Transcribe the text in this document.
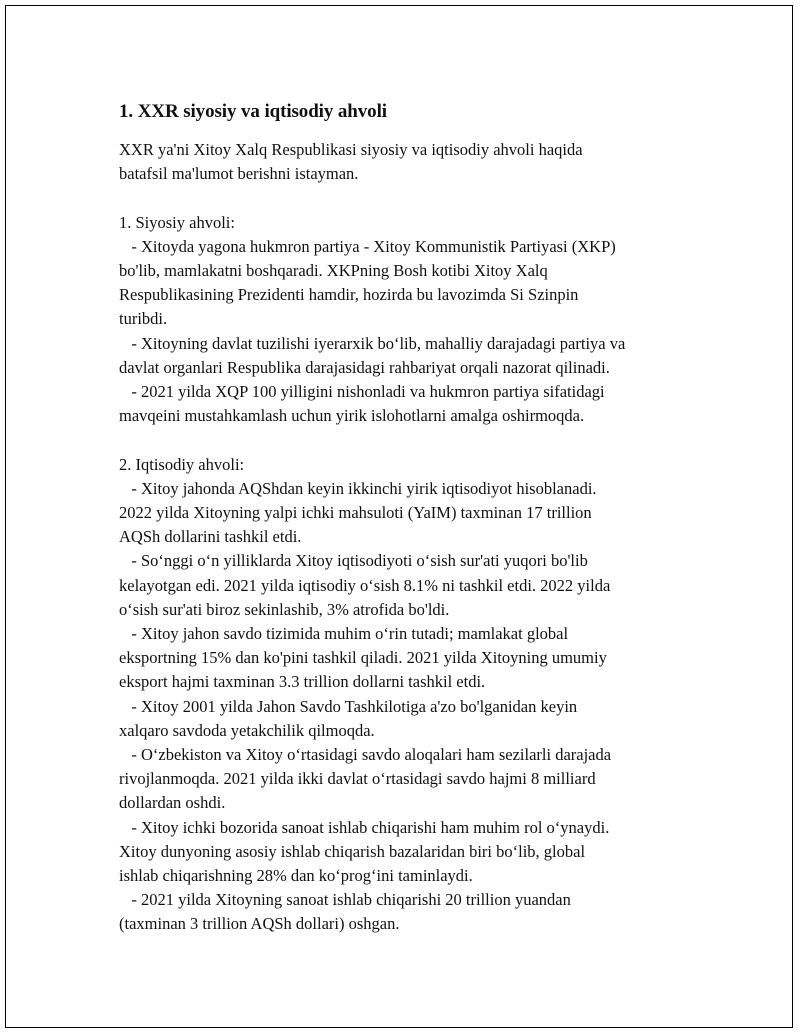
1. XXR siyosiy va iqtisodiy ahvoli
XXR ya'ni Xitoy Xalq Respublikasi siyosiy va iqtisodiy ahvoli haqida
batafsil ma'lumot berishni istayman.
1. Siyosiy ahvoli:
- Xitoyda yagona hukmron partiya - Xitoy Kommunistik Partiyasi (XKP)
bo'lib, mamlakatni boshqaradi. XKPning Bosh kotibi Xitoy Xalq
Respublikasining Prezidenti hamdir, hozirda bu lavozimda Si Szinpin
turibdi.
- Xitoyning davlat tuzilishi iyerarxik bo‘lib, mahalliy darajadagi partiya va
davlat organlari Respublika darajasidagi rahbariyat orqali nazorat qilinadi.
- 2021 yilda XQP 100 yilligini nishonladi va hukmron partiya sifatidagi
mavqeini mustahkamlash uchun yirik islohotlarni amalga oshirmoqda.
2. Iqtisodiy ahvoli:
- Xitoy jahonda AQShdan keyin ikkinchi yirik iqtisodiyot hisoblanadi.
2022 yilda Xitoyning yalpi ichki mahsuloti (YaIM) taxminan 17 trillion
AQSh dollarini tashkil etdi.
- So‘nggi o‘n yilliklarda Xitoy iqtisodiyoti o‘sish sur'ati yuqori bo'lib
kelayotgan edi. 2021 yilda iqtisodiy o‘sish 8.1% ni tashkil etdi. 2022 yilda
o‘sish sur'ati biroz sekinlashib, 3% atrofida bo'ldi.
- Xitoy jahon savdo tizimida muhim o‘rin tutadi; mamlakat global
eksportning 15% dan ko'pini tashkil qiladi. 2021 yilda Xitoyning umumiy
eksport hajmi taxminan 3.3 trillion dollarni tashkil etdi.
- Xitoy 2001 yilda Jahon Savdo Tashkilotiga a'zo bo'lganidan keyin
xalqaro savdoda yetakchilik qilmoqda.
- O‘zbekiston va Xitoy o‘rtasidagi savdo aloqalari ham sezilarli darajada
rivojlanmoqda. 2021 yilda ikki davlat o‘rtasidagi savdo hajmi 8 milliard
dollardan oshdi.
- Xitoy ichki bozorida sanoat ishlab chiqarishi ham muhim rol o‘ynaydi.
Xitoy dunyoning asosiy ishlab chiqarish bazalaridan biri bo‘lib, global
ishlab chiqarishning 28% dan ko‘prog‘ini taminlaydi.
- 2021 yilda Xitoyning sanoat ishlab chiqarishi 20 trillion yuandan
(taxminan 3 trillion AQSh dollari) oshgan.
